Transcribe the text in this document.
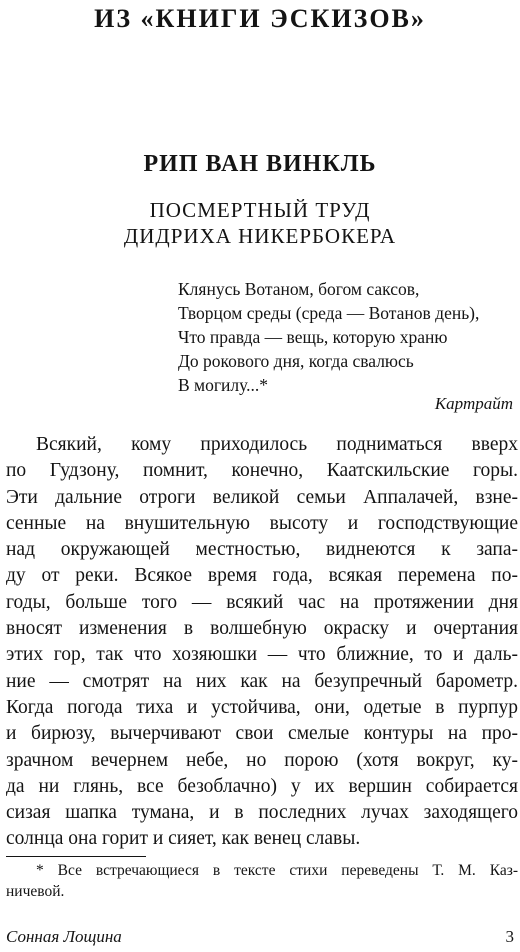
ИЗ «КНИГИ ЭСКИЗОВ»
РИП ВАН ВИНКЛЬ
ПОСМЕРТНЫЙ ТРУД
ДИДРИХА НИКЕРБОКЕРА
Клянусь Вотаном, богом саксов,
Творцом среды (среда — Вотанов день),
Что правда — вещь, которую храню
До рокового дня, когда свалюсь
В могилу...*
Картрайт
Всякий, кому приходилось подниматься вверх
по Гудзону, помнит, конечно, Каатскильские горы.
Эти дальние отроги великой семьи Аппалачей, взне-
сенные на внушительную высоту и господствующие
над окружающей местностью, виднеются к запа-
ду от реки. Всякое время года, всякая перемена по-
годы, больше того — всякий час на протяжении дня
вносят изменения в волшебную окраску и очертания
этих гор, так что хозяюшки — что ближние, то и даль-
ние — смотрят на них как на безупречный барометр.
Когда погода тиха и устойчива, они, одетые в пурпур
и бирюзу, вычерчивают свои смелые контуры на про-
зрачном вечернем небе, но порою (хотя вокруг, ку-
да ни глянь, все безоблачно) у их вершин собирается
сизая шапка тумана, и в последних лучах заходящего
солнца она горит и сияет, как венец славы.
* Все встречающиеся в тексте стихи переведены Т. М. Каз-
ничевой.
Сонная Лощина	3
